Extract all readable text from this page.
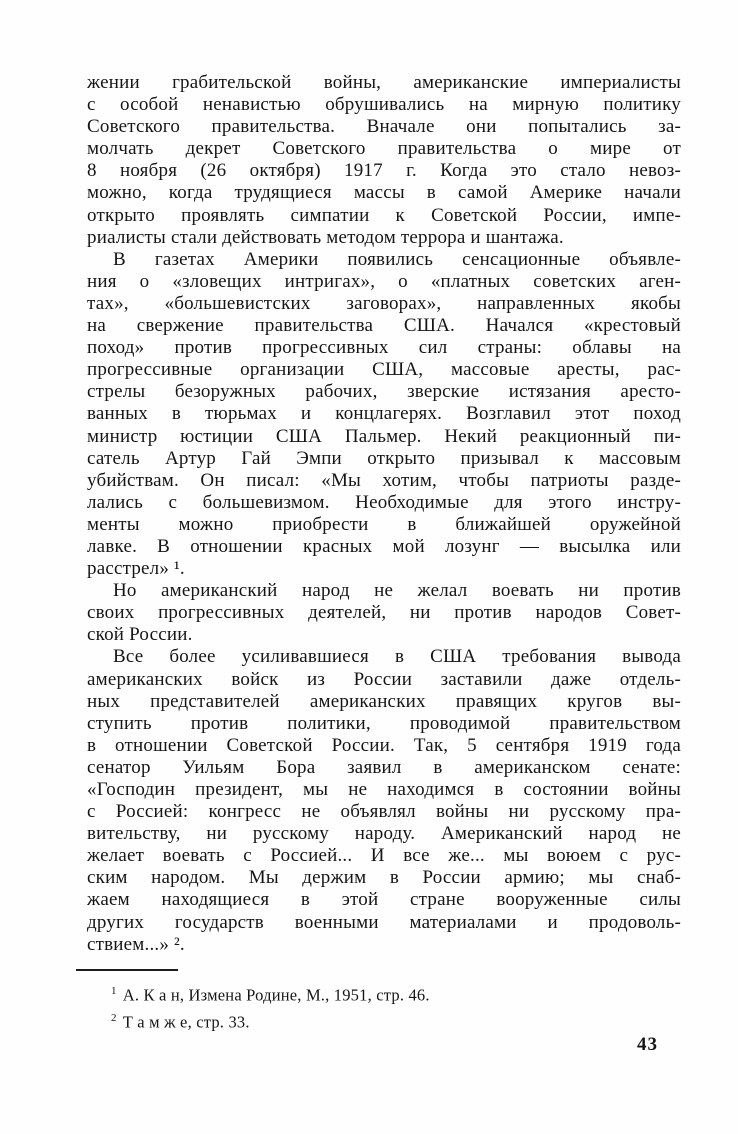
жении грабительской войны, американские империалисты
с особой ненавистью обрушивались на мирную политику
Советского правительства. Вначале они попытались за-
молчать декрет Советского правительства о мире от
8 ноября (26 октября) 1917 г. Когда это стало невоз-
можно, когда трудящиеся массы в самой Америке начали
открыто проявлять симпатии к Советской России, импе-
риалисты стали действовать методом террора и шантажа.
В газетах Америки появились сенсационные объявле-
ния о «зловещих интригах», о «платных советских аген-
тах», «большевистских заговорах», направленных якобы
на свержение правительства США. Начался «крестовый
поход» против прогрессивных сил страны: облавы на
прогрессивные организации США, массовые аресты, рас-
стрелы безоружных рабочих, зверские истязания аресто-
ванных в тюрьмах и концлагерях. Возглавил этот поход
министр юстиции США Пальмер. Некий реакционный пи-
сатель Артур Гай Эмпи открыто призывал к массовым
убийствам. Он писал: «Мы хотим, чтобы патриоты разде-
лались с большевизмом. Необходимые для этого инстру-
менты можно приобрести в ближайшей оружейной
лавке. В отношении красных мой лозунг — высылка или
расстрел» ¹.
Но американский народ не желал воевать ни против
своих прогрессивных деятелей, ни против народов Совет-
ской России.
Все более усиливавшиеся в США требования вывода
американских войск из России заставили даже отдель-
ных представителей американских правящих кругов вы-
ступить против политики, проводимой правительством
в отношении Советской России. Так, 5 сентября 1919 года
сенатор Уильям Бора заявил в американском сенате:
«Господин президент, мы не находимся в состоянии войны
с Россией: конгресс не объявлял войны ни русскому пра-
вительству, ни русскому народу. Американский народ не
желает воевать с Россией... И все же... мы воюем с рус-
ским народом. Мы держим в России армию; мы снаб-
жаем находящиеся в этой стране вооруженные силы
других государств военными материалами и продоволь-
ствием...» ².
$^1$ А. К а н, Измена Родине, М., 1951, стр. 46.
$^2$ Т а м ж е, стр. 33.
43
